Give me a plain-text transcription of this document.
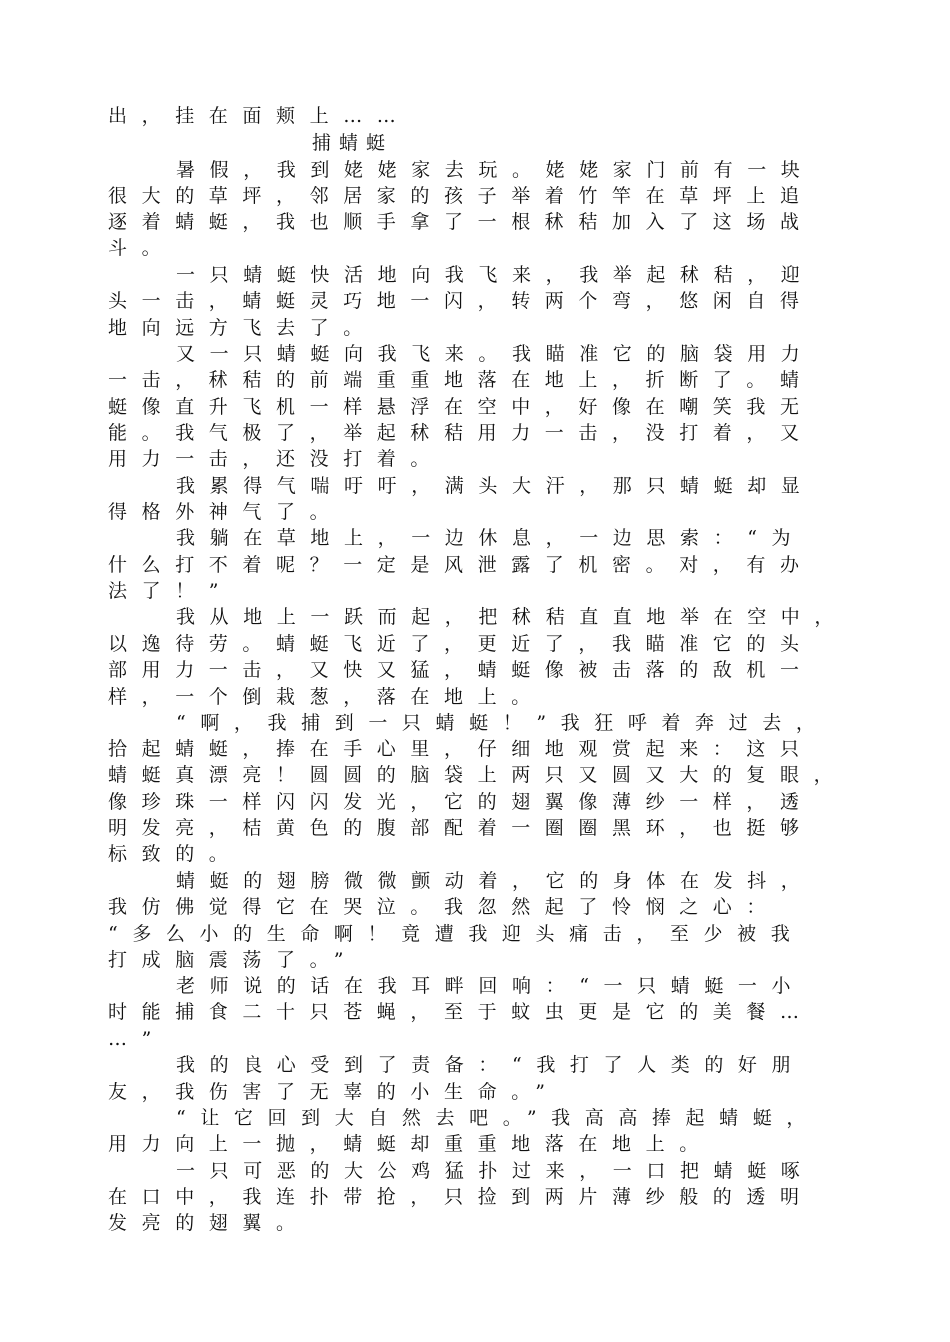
出，挂在面颊上……
捕蜻蜓
暑假，我到姥姥家去玩。姥姥家门前有一块
很大的草坪，邻居家的孩子举着竹竿在草坪上追
逐着蜻蜓，我也顺手拿了一根秫秸加入了这场战
斗。
一只蜻蜓快活地向我飞来，我举起秫秸，迎
头一击，蜻蜓灵巧地一闪，转两个弯，悠闲自得
地向远方飞去了。
又一只蜻蜓向我飞来。我瞄准它的脑袋用力
一击，秫秸的前端重重地落在地上，折断了。蜻
蜓像直升飞机一样悬浮在空中，好像在嘲笑我无
能。我气极了，举起秫秸用力一击，没打着，又
用力一击，还没打着。
我累得气喘吁吁，满头大汗，那只蜻蜓却显
得格外神气了。
我躺在草地上，一边休息，一边思索：“为
什么打不着呢？一定是风泄露了机密。对，有办
法了！”
我从地上一跃而起，把秫秸直直地举在空中，
以逸待劳。蜻蜓飞近了，更近了，我瞄准它的头
部用力一击，又快又猛，蜻蜓像被击落的敌机一
样，一个倒栽葱，落在地上。
“啊，我捕到一只蜻蜓！”我狂呼着奔过去，
拾起蜻蜓，捧在手心里，仔细地观赏起来：这只
蜻蜓真漂亮！圆圆的脑袋上两只又圆又大的复眼，
像珍珠一样闪闪发光，它的翅翼像薄纱一样，透
明发亮，桔黄色的腹部配着一圈圈黑环，也挺够
标致的。
蜻蜓的翅膀微微颤动着，它的身体在发抖，
我仿佛觉得它在哭泣。我忽然起了怜悯之心：
“多么小的生命啊！竟遭我迎头痛击，至少被我
打成脑震荡了。”
老师说的话在我耳畔回响：“一只蜻蜓一小
时能捕食二十只苍蝇，至于蚊虫更是它的美餐…
…”
我的良心受到了责备：“我打了人类的好朋
友，我伤害了无辜的小生命。”
“让它回到大自然去吧。”我高高捧起蜻蜓，
用力向上一抛，蜻蜓却重重地落在地上。
一只可恶的大公鸡猛扑过来，一口把蜻蜓啄
在口中，我连扑带抢，只捡到两片薄纱般的透明
发亮的翅翼。
